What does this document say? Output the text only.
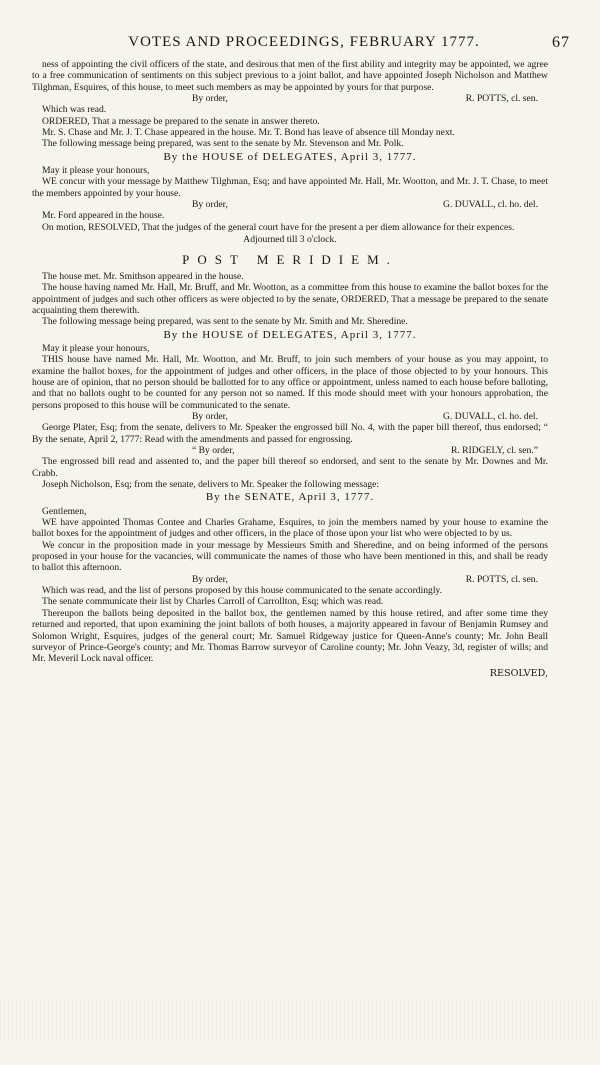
VOTES AND PROCEEDINGS, FEBRUARY 1777.	67

ness of appointing the civil officers of the state, and desirous that men of the first ability and integrity may be appointed, we agree to a free communication of sentiments on this subject previous to a joint ballot, and have appointed Joseph Nicholson and Matthew Tilghman, Esquires, of this house, to meet such members as may be appointed by yours for that purpose.

By order,	R. POTTS, cl. sen.

Which was read.

ORDERED, That a message be prepared to the senate in answer thereto.

Mr. S. Chase and Mr. J. T. Chase appeared in the house. Mr. T. Bond has leave of absence till Monday next.

The following message being prepared, was sent to the senate by Mr. Stevenson and Mr. Polk.

By the HOUSE of DELEGATES, April 3, 1777.

May it please your honours,

WE concur with your message by Matthew Tilghman, Esq; and have appointed Mr. Hall, Mr. Wootton, and Mr. J. T. Chase, to meet the members appointed by your house.

By order,	G. DUVALL, cl. ho. del.

Mr. Ford appeared in the house.

On motion, RESOLVED, That the judges of the general court have for the present a per diem allowance for their expences.

Adjourned till 3 o'clock.

POST MERIDIEM.

The house met. Mr. Smithson appeared in the house.

The house having named Mr. Hall, Mr. Bruff, and Mr. Wootton, as a committee from this house to examine the ballot boxes for the appointment of judges and such other officers as were objected to by the senate, ORDERED, That a message be prepared to the senate acquainting them therewith.

The following message being prepared, was sent to the senate by Mr. Smith and Mr. Sheredine.

By the HOUSE of DELEGATES, April 3, 1777.

May it please your honours,

THIS house have named Mr. Hall, Mr. Wootton, and Mr. Bruff, to join such members of your house as you may appoint, to examine the ballot boxes, for the appointment of judges and other officers, in the place of those objected to by your honours. This house are of opinion, that no person should be ballotted for to any office or appointment, unless named to each house before balloting, and that no ballots ought to be counted for any person not so named. If this mode should meet with your honours approbation, the persons proposed to this house will be communicated to the senate.

By order,	G. DUVALL, cl. ho. del.

George Plater, Esq; from the senate, delivers to Mr. Speaker the engrossed bill No. 4, with the paper bill thereof, thus endorsed; “ By the senate, April 2, 1777: Read with the amendments and passed for engrossing.

“ By order,	R. RIDGELY, cl. sen.”

The engrossed bill read and assented to, and the paper bill thereof so endorsed, and sent to the senate by Mr. Downes and Mr. Crabb.

Joseph Nicholson, Esq; from the senate, delivers to Mr. Speaker the following message:

By the SENATE, April 3, 1777.

Gentlemen,

WE have appointed Thomas Contee and Charles Grahame, Esquires, to join the members named by your house to examine the ballot boxes for the appointment of judges and other officers, in the place of those upon your list who were objected to by us.

We concur in the proposition made in your message by Messieurs Smith and Sheredine, and on being informed of the persons proposed in your house for the vacancies, will communicate the names of those who have been mentioned in this, and shall be ready to ballot this afternoon.

By order,	R. POTTS, cl. sen.

Which was read, and the list of persons proposed by this house communicated to the senate accordingly.

The senate communicate their list by Charles Carroll of Carrollton, Esq; which was read.

Thereupon the ballots being deposited in the ballot box, the gentlemen named by this house retired, and after some time they returned and reported, that upon examining the joint ballots of both houses, a majority appeared in favour of Benjamin Rumsey and Solomon Wright, Esquires, judges of the general court; Mr. Samuel Ridgeway justice for Queen-Anne's county; Mr. John Beall surveyor of Prince-George's county; and Mr. Thomas Barrow surveyor of Caroline county; Mr. John Veazy, 3d, register of wills; and Mr. Meveril Lock naval officer.

RESOLVED,
